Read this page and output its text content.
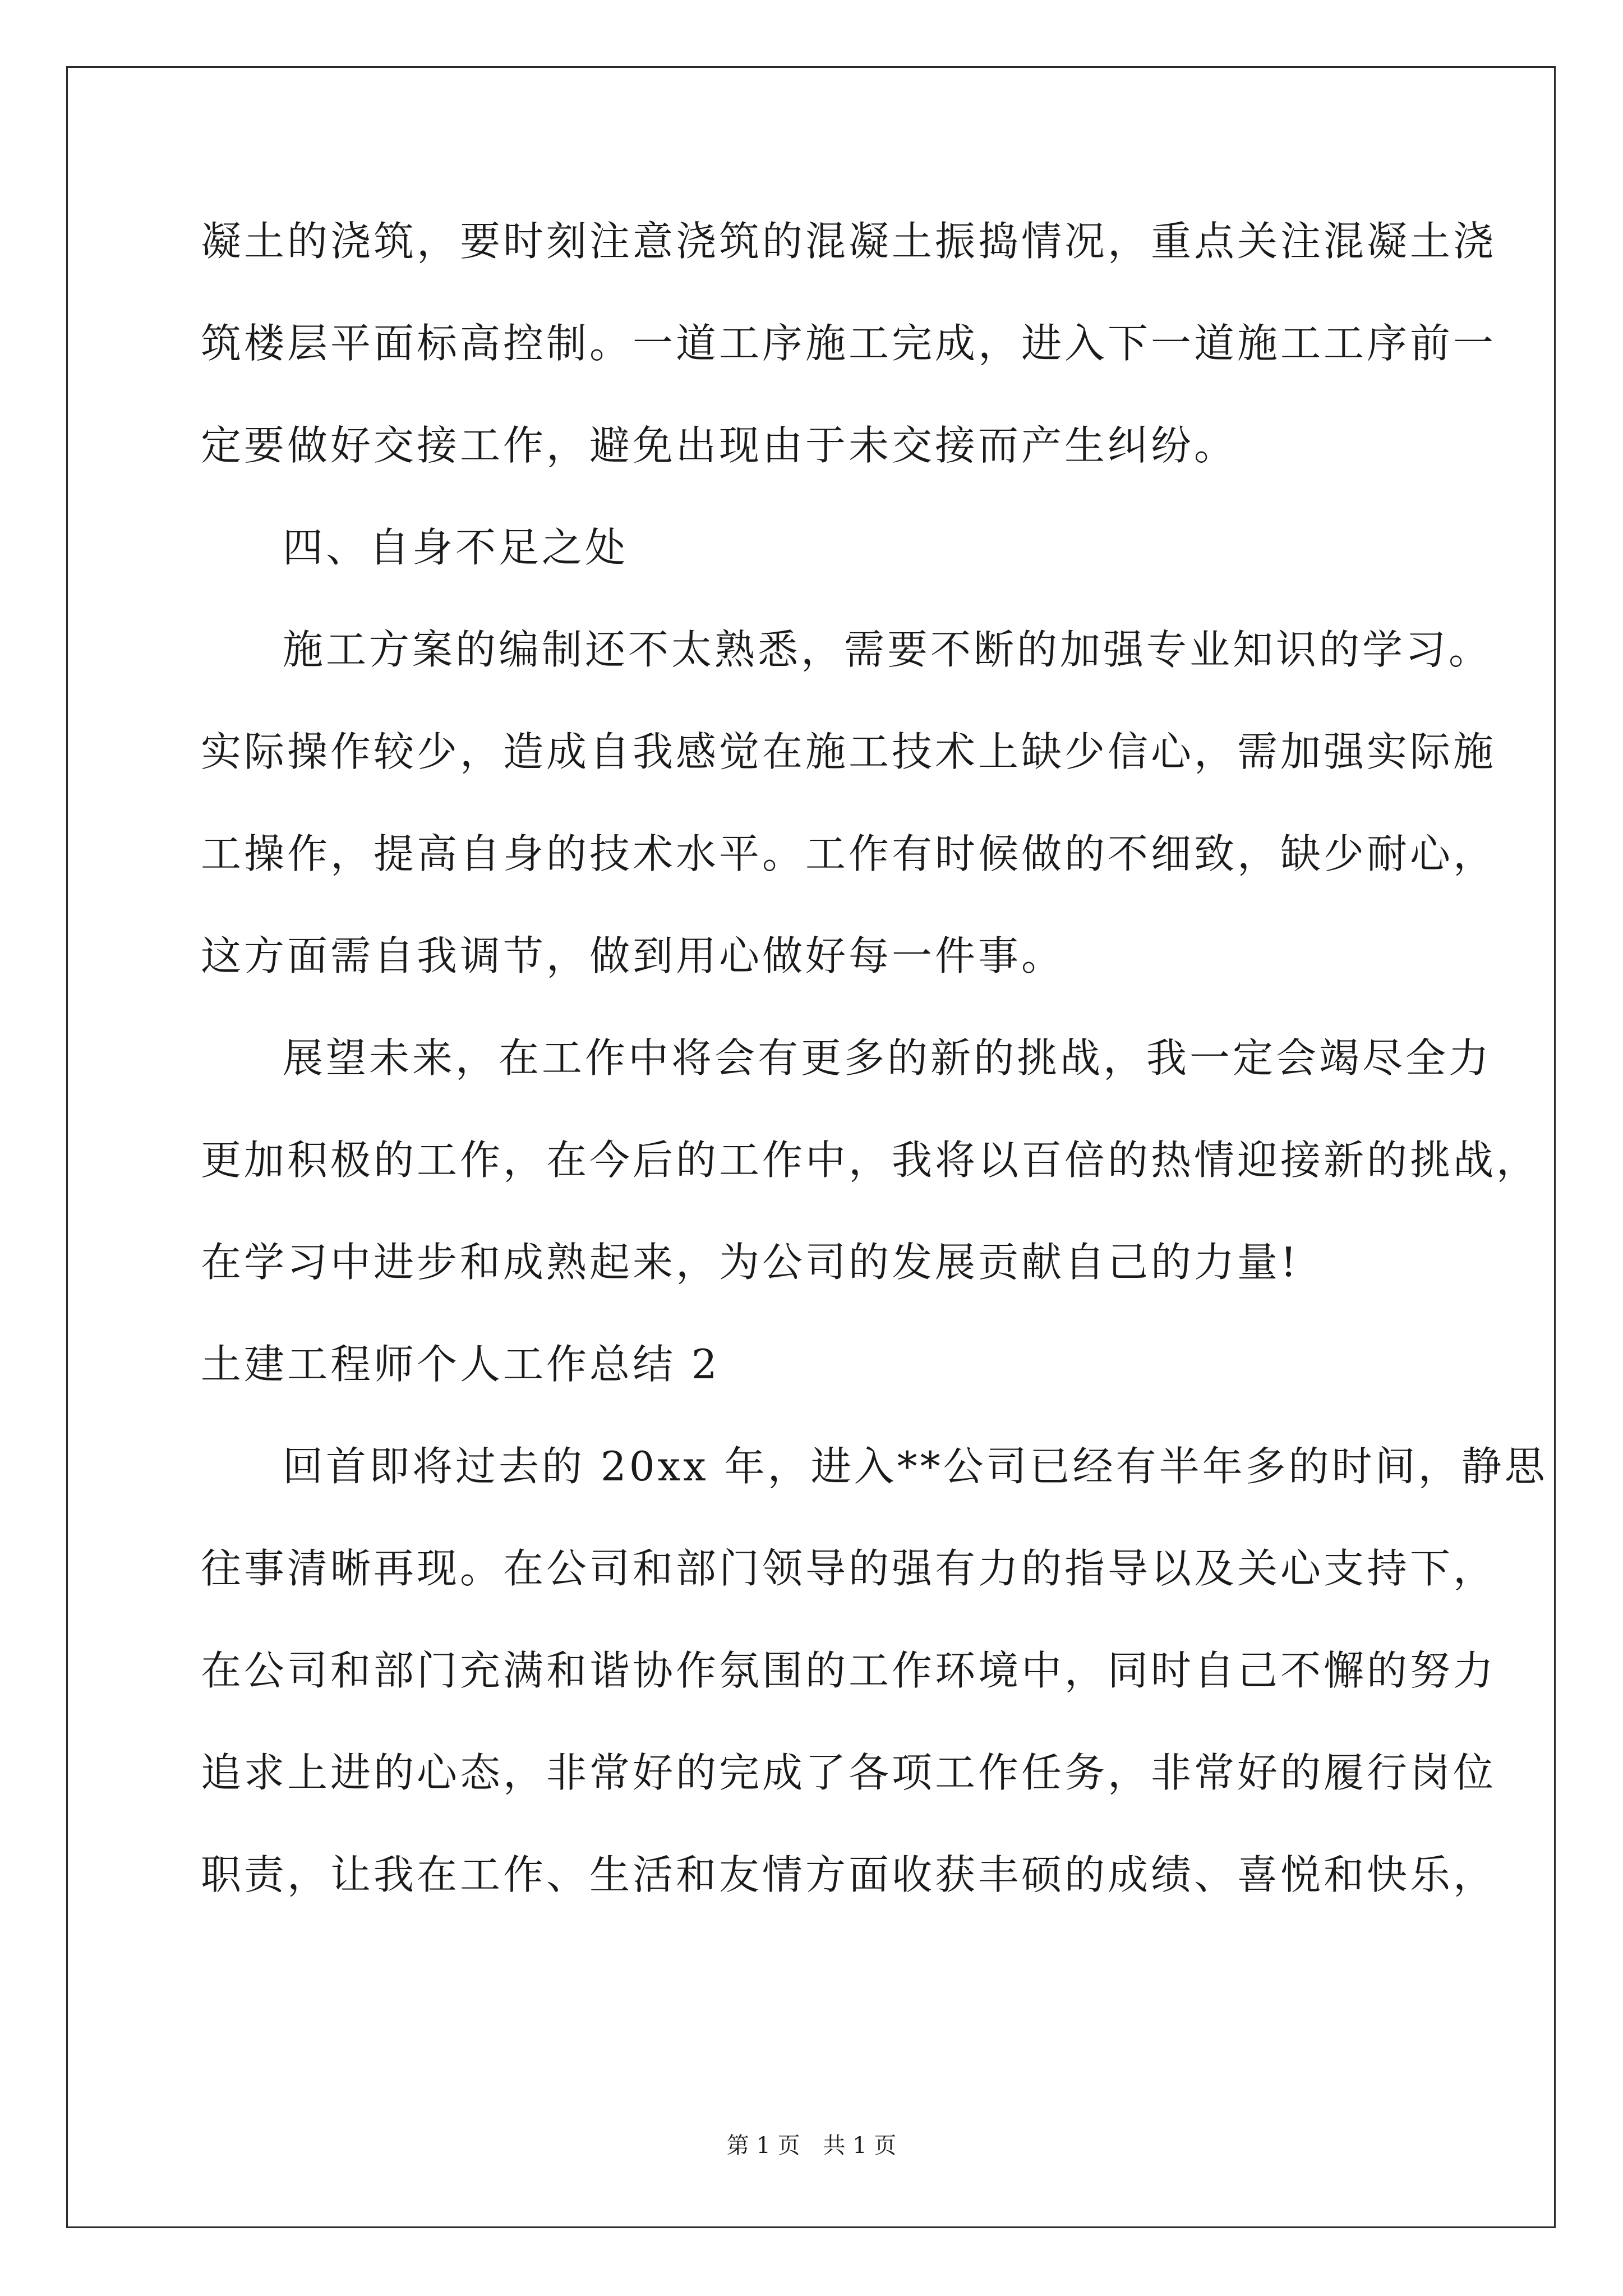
凝土的浇筑，要时刻注意浇筑的混凝土振捣情况，重点关注混凝土浇
筑楼层平面标高控制。一道工序施工完成，进入下一道施工工序前一
定要做好交接工作，避免出现由于未交接而产生纠纷。
四、自身不足之处
施工方案的编制还不太熟悉，需要不断的加强专业知识的学习。
实际操作较少，造成自我感觉在施工技术上缺少信心，需加强实际施
工操作，提高自身的技术水平。工作有时候做的不细致，缺少耐心，
这方面需自我调节，做到用心做好每一件事。
展望未来，在工作中将会有更多的新的挑战，我一定会竭尽全力
更加积极的工作，在今后的工作中，我将以百倍的热情迎接新的挑战，
在学习中进步和成熟起来，为公司的发展贡献自己的力量!
土建工程师个人工作总结 2
回首即将过去的 20xx 年，进入**公司已经有半年多的时间，静思
往事清晰再现。在公司和部门领导的强有力的指导以及关心支持下，
在公司和部门充满和谐协作氛围的工作环境中，同时自己不懈的努力
追求上进的心态，非常好的完成了各项工作任务，非常好的履行岗位
职责，让我在工作、生活和友情方面收获丰硕的成绩、喜悦和快乐，
第 1 页 共 1 页
